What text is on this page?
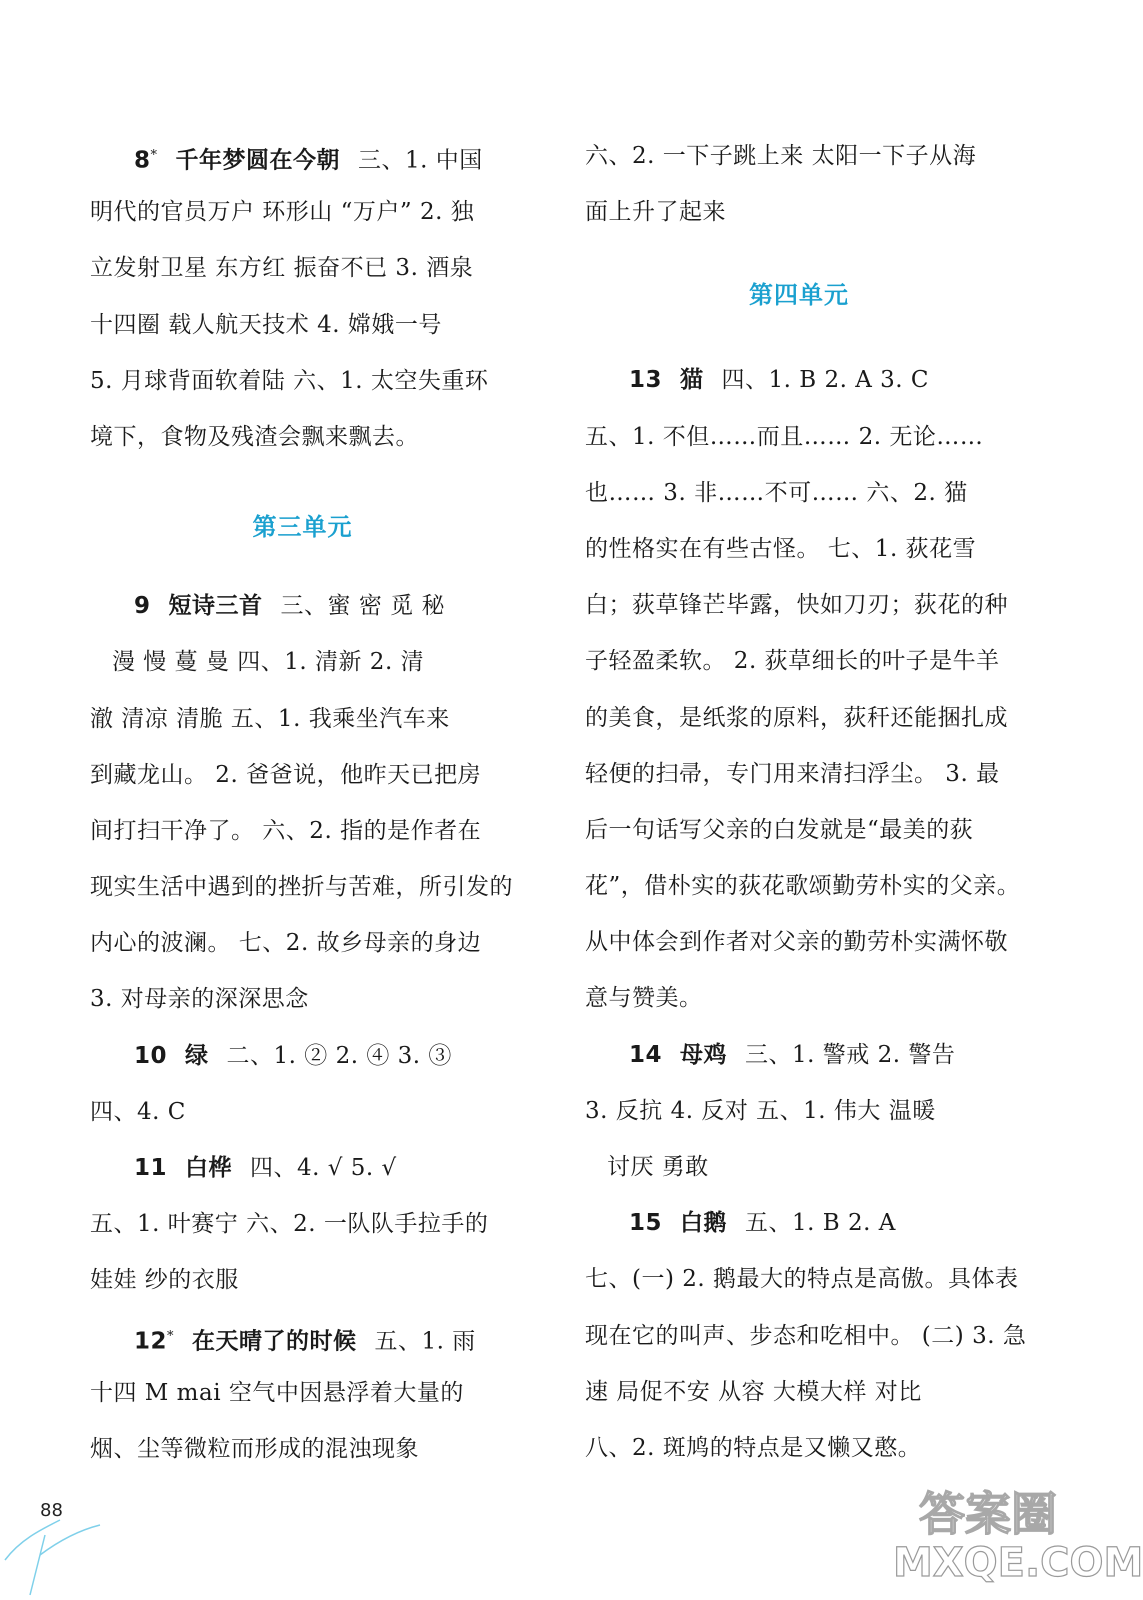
8* 千年梦圆在今朝 三、1. 中国
明代的官员万户 环形山 “万户” 2. 独
立发射卫星 东方红 振奋不已 3. 酒泉
十四圈 载人航天技术 4. 嫦娥一号
5. 月球背面软着陆 六、1. 太空失重环
境下，食物及残渣会飘来飘去。
第三单元
9 短诗三首 三、蜜 密 觅 秘
漫 慢 蔓 曼 四、1. 清新 2. 清
澈 清凉 清脆 五、1. 我乘坐汽车来
到藏龙山。 2. 爸爸说，他昨天已把房
间打扫干净了。 六、2. 指的是作者在
现实生活中遇到的挫折与苦难，所引发的
内心的波澜。 七、2. 故乡母亲的身边
3. 对母亲的深深思念
10 绿 二、1. ② 2. ④ 3. ③
四、4. C
11 白桦 四、4. √ 5. √
五、1. 叶赛宁 六、2. 一队队手拉手的
娃娃 纱的衣服
12* 在天晴了的时候 五、1. 雨
十四 M mai 空气中因悬浮着大量的
烟、尘等微粒而形成的混浊现象
六、2. 一下子跳上来 太阳一下子从海
面上升了起来
第四单元
13 猫 四、1. B 2. A 3. C
五、1. 不但……而且…… 2. 无论……
也…… 3. 非……不可…… 六、2. 猫
的性格实在有些古怪。 七、1. 荻花雪
白；荻草锋芒毕露，快如刀刃；荻花的种
子轻盈柔软。 2. 荻草细长的叶子是牛羊
的美食，是纸浆的原料，荻秆还能捆扎成
轻便的扫帚，专门用来清扫浮尘。 3. 最
后一句话写父亲的白发就是“最美的荻
花”，借朴实的荻花歌颂勤劳朴实的父亲。
从中体会到作者对父亲的勤劳朴实满怀敬
意与赞美。
14 母鸡 三、1. 警戒 2. 警告
3. 反抗 4. 反对 五、1. 伟大 温暖
讨厌 勇敢
15 白鹅 五、1. B 2. A
七、(一) 2. 鹅最大的特点是高傲。具体表
现在它的叫声、步态和吃相中。 (二) 3. 急
速 局促不安 从容 大模大样 对比
八、2. 斑鸠的特点是又懒又憨。
88	答案圈
MXQE.COM
